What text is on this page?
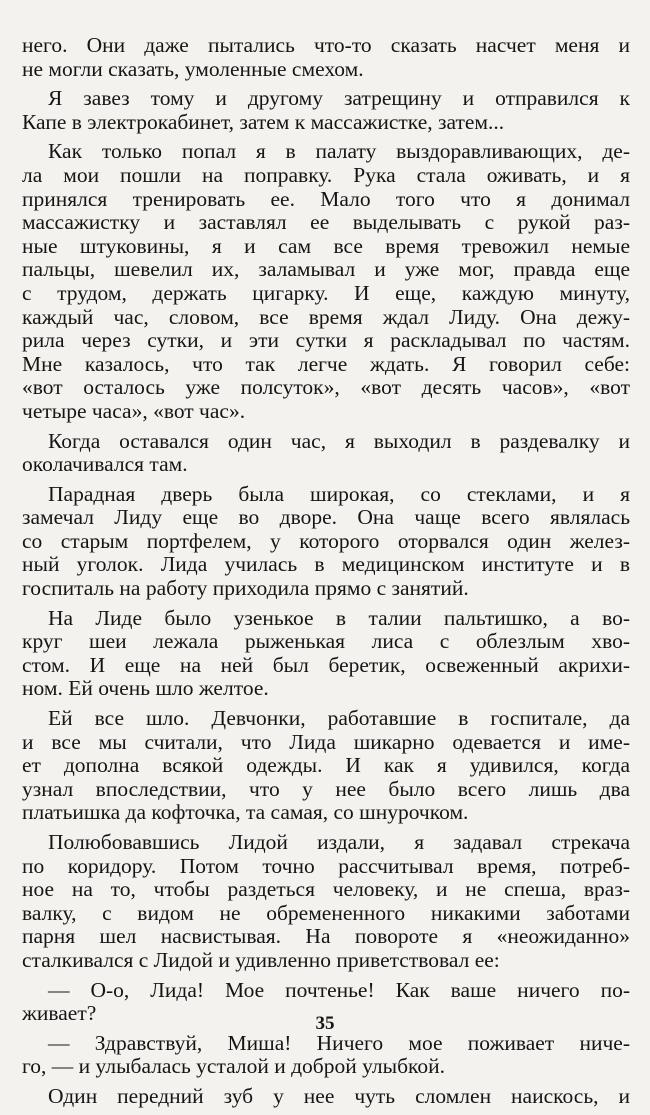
него. Они даже пытались что-то сказать насчет меня и
не могли сказать, умоленные смехом.
Я завез тому и другому затрещину и отправился к
Капе в электрокабинет, затем к массажистке, затем...
Как только попал я в палату выздоравливающих, де-
ла мои пошли на поправку. Рука стала оживать, и я
принялся тренировать ее. Мало того что я донимал
массажистку и заставлял ее выделывать с рукой раз-
ные штуковины, я и сам все время тревожил немые
пальцы, шевелил их, заламывал и уже мог, правда еще
с трудом, держать цигарку. И еще, каждую минуту,
каждый час, словом, все время ждал Лиду. Она дежу-
рила через сутки, и эти сутки я раскладывал по частям.
Мне казалось, что так легче ждать. Я говорил себе:
«вот осталось уже полсуток», «вот десять часов», «вот
четыре часа», «вот час».
Когда оставался один час, я выходил в раздевалку и
околачивался там.
Парадная дверь была широкая, со стеклами, и я
замечал Лиду еще во дворе. Она чаще всего являлась
со старым портфелем, у которого оторвался один желез-
ный уголок. Лида училась в медицинском институте и в
госпиталь на работу приходила прямо с занятий.
На Лиде было узенькое в талии пальтишко, а во-
круг шеи лежала рыженькая лиса с облезлым хво-
стом. И еще на ней был беретик, освеженный акрихи-
ном. Ей очень шло желтое.
Ей все шло. Девчонки, работавшие в госпитале, да
и все мы считали, что Лида шикарно одевается и име-
ет дополна всякой одежды. И как я удивился, когда
узнал впоследствии, что у нее было всего лишь два
платьишка да кофточка, та самая, со шнурочком.
Полюбовавшись Лидой издали, я задавал стрекача
по коридору. Потом точно рассчитывал время, потреб-
ное на то, чтобы раздеться человеку, и не спеша, враз-
валку, с видом не обремененного никакими заботами
парня шел насвистывая. На повороте я «неожиданно»
сталкивался с Лидой и удивленно приветствовал ее:
— О-о, Лида! Мое почтенье! Как ваше ничего по-
живает?
— Здравствуй, Миша! Ничего мое поживает ниче-
го, — и улыбалась усталой и доброй улыбкой.
Один передний зуб у нее чуть сломлен наискось, и
35
